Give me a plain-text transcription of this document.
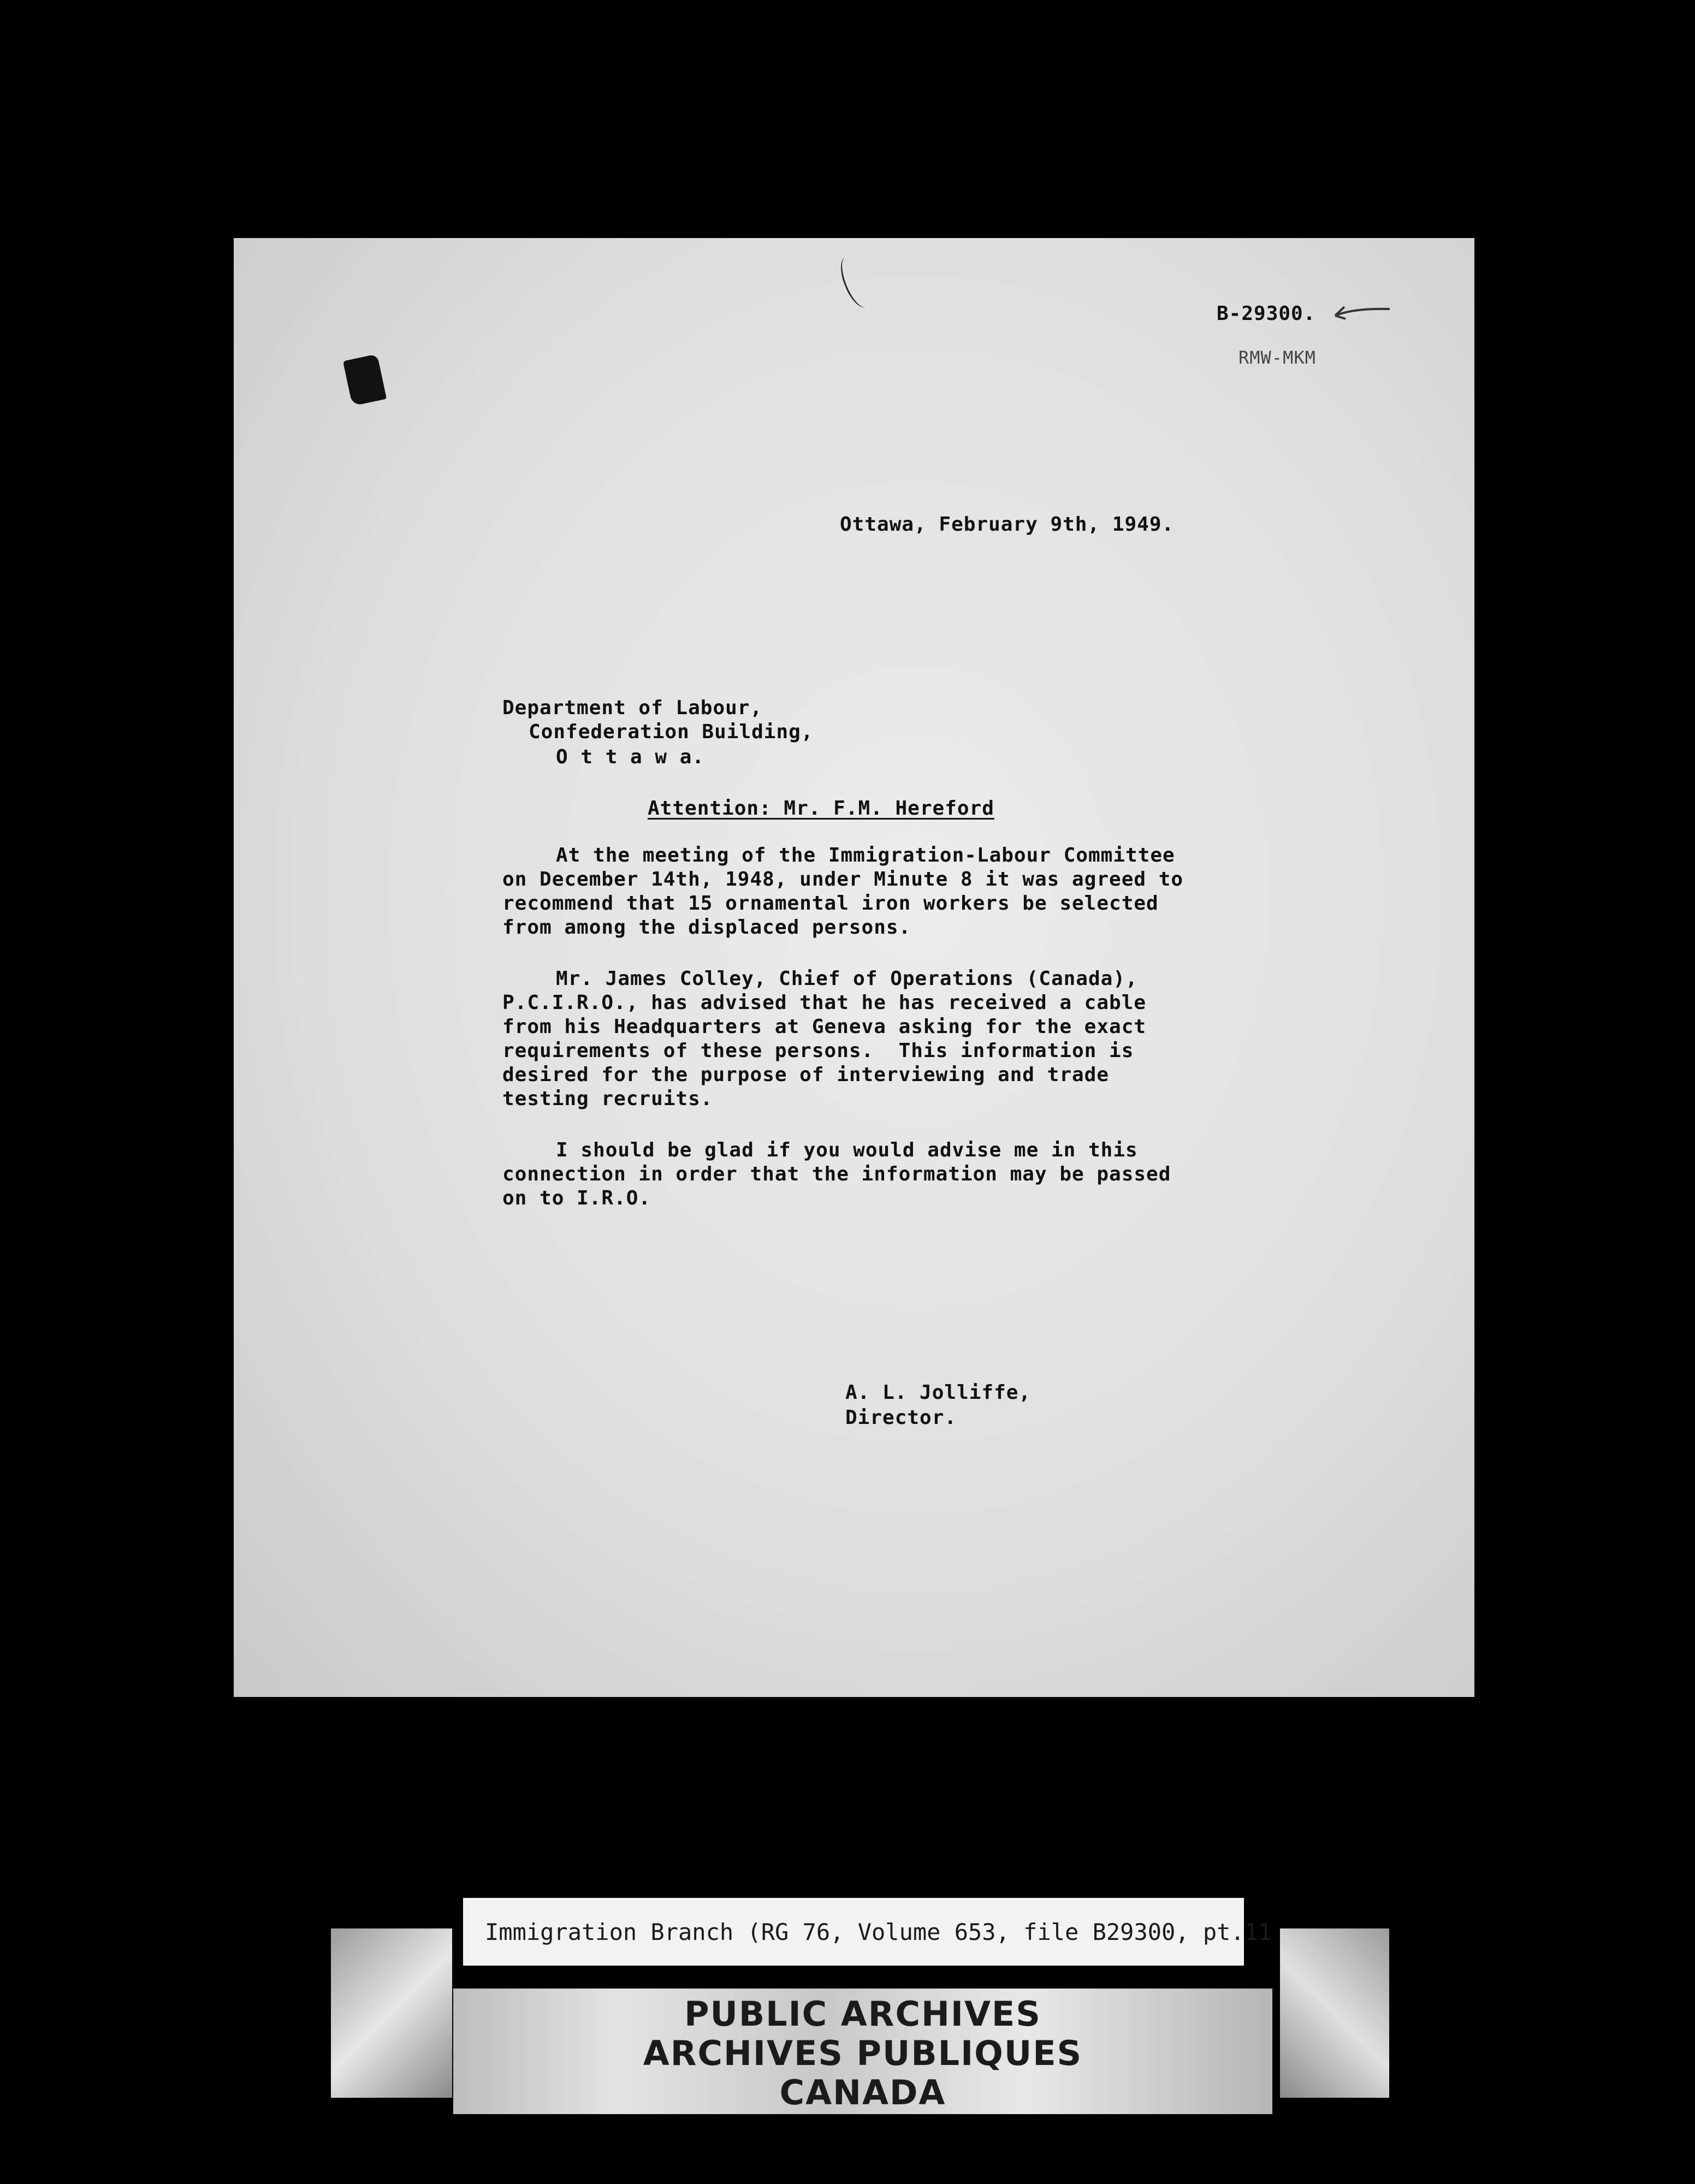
B-29300.
RMW-MKM
Ottawa, February 9th, 1949.
Department of Labour,
Confederation Building,
O t t a w a.
Attention: Mr. F.M. Hereford
At the meeting of the Immigration-Labour Committee
on December 14th, 1948, under Minute 8 it was agreed to
recommend that 15 ornamental iron workers be selected
from among the displaced persons.
Mr. James Colley, Chief of Operations (Canada),
P.C.I.R.O., has advised that he has received a cable
from his Headquarters at Geneva asking for the exact
requirements of these persons.  This information is
desired for the purpose of interviewing and trade
testing recruits.
I should be glad if you would advise me in this
connection in order that the information may be passed
on to I.R.O.
A. L. Jolliffe,
Director.
Immigration Branch (RG 76, Volume 653, file B29300, pt.11
PUBLIC ARCHIVES
ARCHIVES PUBLIQUES
CANADA
